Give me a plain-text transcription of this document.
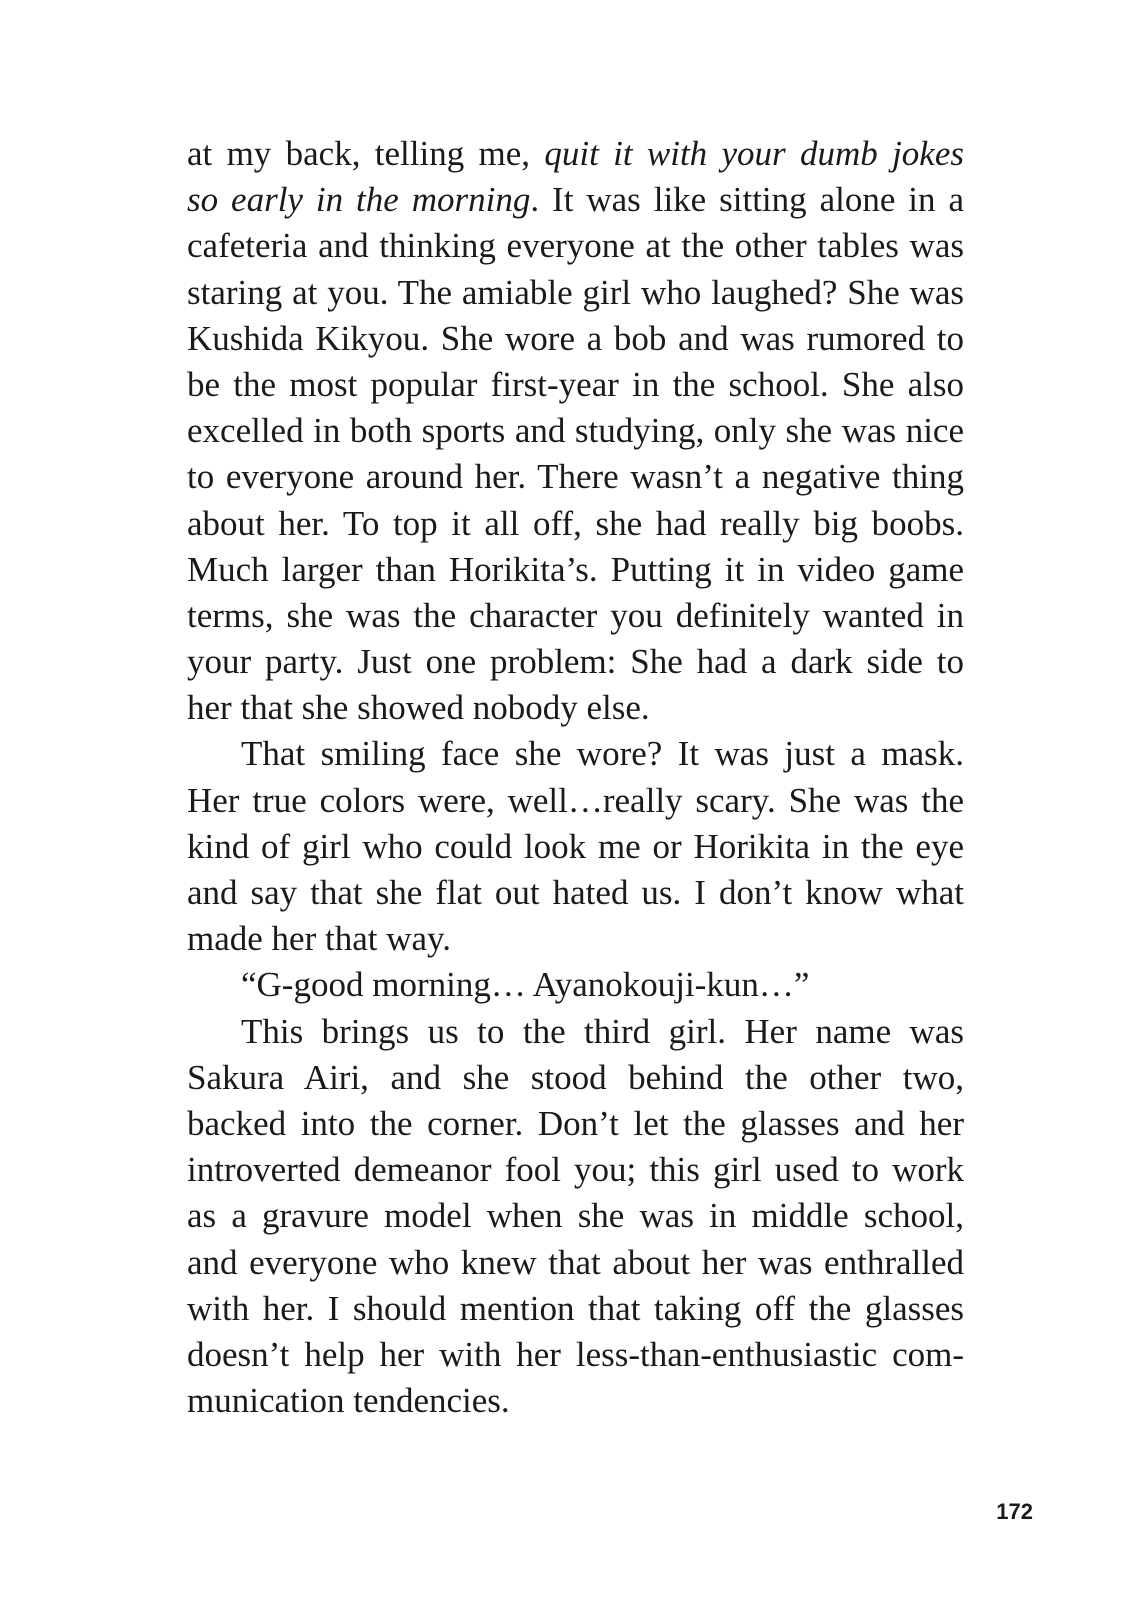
at my back, telling me, quit it with your dumb jokes
so early in the morning. It was like sitting alone in a
cafeteria and thinking everyone at the other tables was
staring at you. The amiable girl who laughed? She was
Kushida Kikyou. She wore a bob and was rumored to
be the most popular first-year in the school. She also
excelled in both sports and studying, only she was nice
to everyone around her. There wasn’t a negative thing
about her. To top it all off, she had really big boobs.
Much larger than Horikita’s. Putting it in video game
terms, she was the character you definitely wanted in
your party. Just one problem: She had a dark side to
her that she showed nobody else.
That smiling face she wore? It was just a mask.
Her true colors were, well…really scary. She was the
kind of girl who could look me or Horikita in the eye
and say that she flat out hated us. I don’t know what
made her that way.
“G-good morning… Ayanokouji-kun…”
This brings us to the third girl. Her name was
Sakura Airi, and she stood behind the other two,
backed into the corner. Don’t let the glasses and her
introverted demeanor fool you; this girl used to work
as a gravure model when she was in middle school,
and everyone who knew that about her was enthralled
with her. I should mention that taking off the glasses
doesn’t help her with her less-than-enthusiastic com-
munication tendencies.
172
